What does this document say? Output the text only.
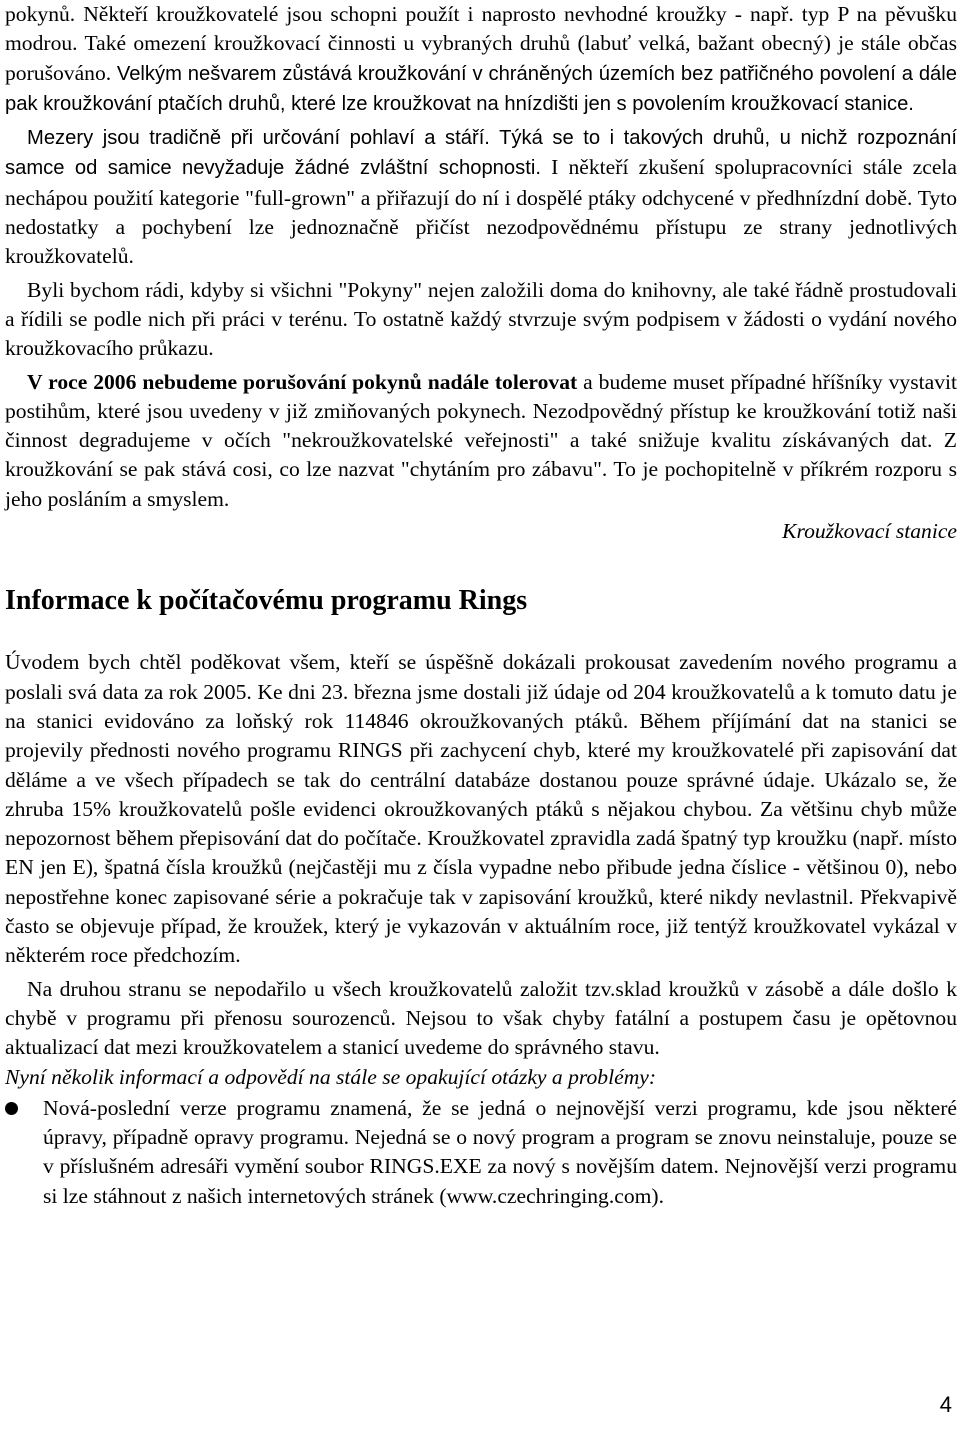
pokynů. Někteří kroužkovatelé jsou schopni použít i naprosto nevhodné kroužky - např. typ P na pěvušku modrou. Také omezení kroužkovací činnosti u vybraných druhů (labuť velká, bažant obecný) je stále občas porušováno. Velkým nešvarem zůstává kroužkování v chráněných územích bez patřičného povolení a dále pak kroužkování ptačích druhů, které lze kroužkovat na hnízdišti jen s povolením kroužkovací stanice.

Mezery jsou tradičně při určování pohlaví a stáří. Týká se to i takových druhů, u nichž rozpoznání samce od samice nevyžaduje žádné zvláštní schopnosti. I někteří zkušení spolupracovníci stále zcela nechápou použití kategorie "full-grown" a přiřazují do ní i dospělé ptáky odchycené v předhnízdní době. Tyto nedostatky a pochybení lze jednoznačně přičíst nezodpovědnému přístupu ze strany jednotlivých kroužkovatelů.

Byli bychom rádi, kdyby si všichni "Pokyny" nejen založili doma do knihovny, ale také řádně prostudovali a řídili se podle nich při práci v terénu. To ostatně každý stvrzuje svým podpisem v žádosti o vydání nového kroužkovacího průkazu.

V roce 2006 nebudeme porušování pokynů nadále tolerovat a budeme muset případné hříšníky vystavit postihům, které jsou uvedeny v již zmiňovaných pokynech. Nezodpovědný přístup ke kroužkování totiž naši činnost degradujeme v očích "nekroužkovatelské veřejnosti" a také snižuje kvalitu získávaných dat. Z kroužkování se pak stává cosi, co lze nazvat "chytáním pro zábavu". To je pochopitelně v příkrém rozporu s jeho posláním a smyslem.

Kroužkovací stanice

Informace k počítačovému programu Rings

Úvodem bych chtěl poděkovat všem, kteří se úspěšně dokázali prokousat zavedením nového programu a poslali svá data za rok 2005. Ke dni 23. března jsme dostali již údaje od 204 kroužkovatelů a k tomuto datu je na stanici evidováno za loňský rok 114846 okroužkovaných ptáků. Během příjímání dat na stanici se projevily přednosti nového programu RINGS při zachycení chyb, které my kroužkovatelé při zapisování dat děláme a ve všech případech se tak do centrální databáze dostanou pouze správné údaje. Ukázalo se, že zhruba 15% kroužkovatelů pošle evidenci okroužkovaných ptáků s nějakou chybou. Za většinu chyb může nepozornost během přepisování dat do počítače. Kroužkovatel zpravidla zadá špatný typ kroužku (např. místo EN jen E), špatná čísla kroužků (nejčastěji mu z čísla vypadne nebo přibude jedna číslice - většinou 0), nebo nepostřehne konec zapisované série a pokračuje tak v zapisování kroužků, které nikdy nevlastnil. Překvapivě často se objevuje případ, že kroužek, který je vykazován v aktuálním roce, již tentýž kroužkovatel vykázal v některém roce předchozím.

Na druhou stranu se nepodařilo u všech kroužkovatelů založit tzv.sklad kroužků v zásobě a dále došlo k chybě v programu při přenosu sourozenců. Nejsou to však chyby fatální a postupem času je opětovnou aktualizací dat mezi kroužkovatelem a stanicí uvedeme do správného stavu.

Nyní několik informací a odpovědí na stále se opakující otázky a problémy:

Nová-poslední verze programu znamená, že se jedná o nejnovější verzi programu, kde jsou některé úpravy, případně opravy programu. Nejedná se o nový program a program se znovu neinstaluje, pouze se v příslušném adresáři vymění soubor RINGS.EXE za nový s novějším datem. Nejnovější verzi programu si lze stáhnout z našich internetových stránek (www.czechringing.com).
4
